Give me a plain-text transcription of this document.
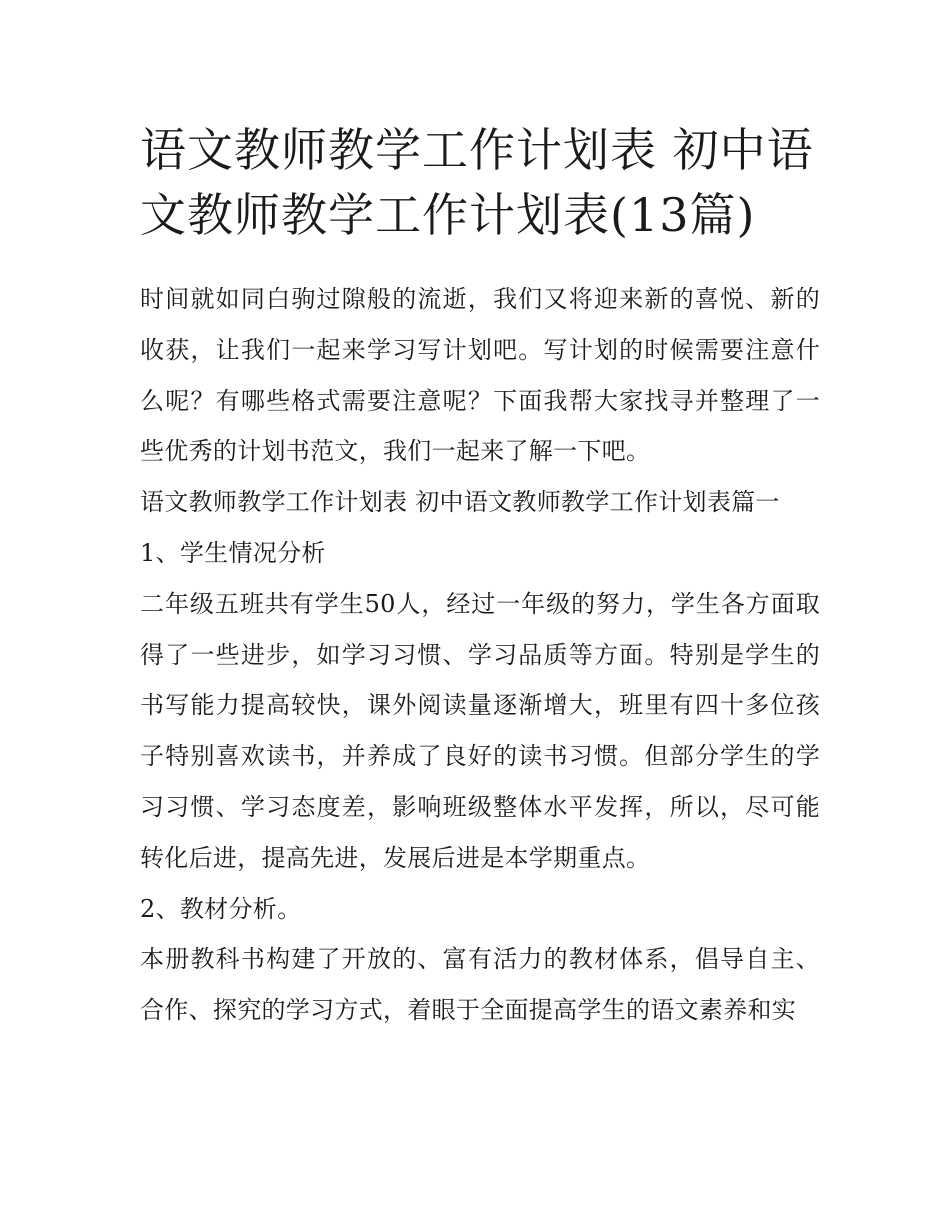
语文教师教学工作计划表 初中语文教师教学工作计划表(13篇)

时间就如同白驹过隙般的流逝，我们又将迎来新的喜悦、新的收获，让我们一起来学习写计划吧。写计划的时候需要注意什么呢？有哪些格式需要注意呢？下面我帮大家找寻并整理了一些优秀的计划书范文，我们一起来了解一下吧。

语文教师教学工作计划表 初中语文教师教学工作计划表篇一

1、学生情况分析

二年级五班共有学生50人，经过一年级的努力，学生各方面取得了一些进步，如学习习惯、学习品质等方面。特别是学生的书写能力提高较快，课外阅读量逐渐增大，班里有四十多位孩子特别喜欢读书，并养成了良好的读书习惯。但部分学生的学习习惯、学习态度差，影响班级整体水平发挥，所以，尽可能转化后进，提高先进，发展后进是本学期重点。

2、教材分析。

本册教科书构建了开放的、富有活力的教材体系，倡导自主、合作、探究的学习方式，着眼于全面提高学生的语文素养和实
